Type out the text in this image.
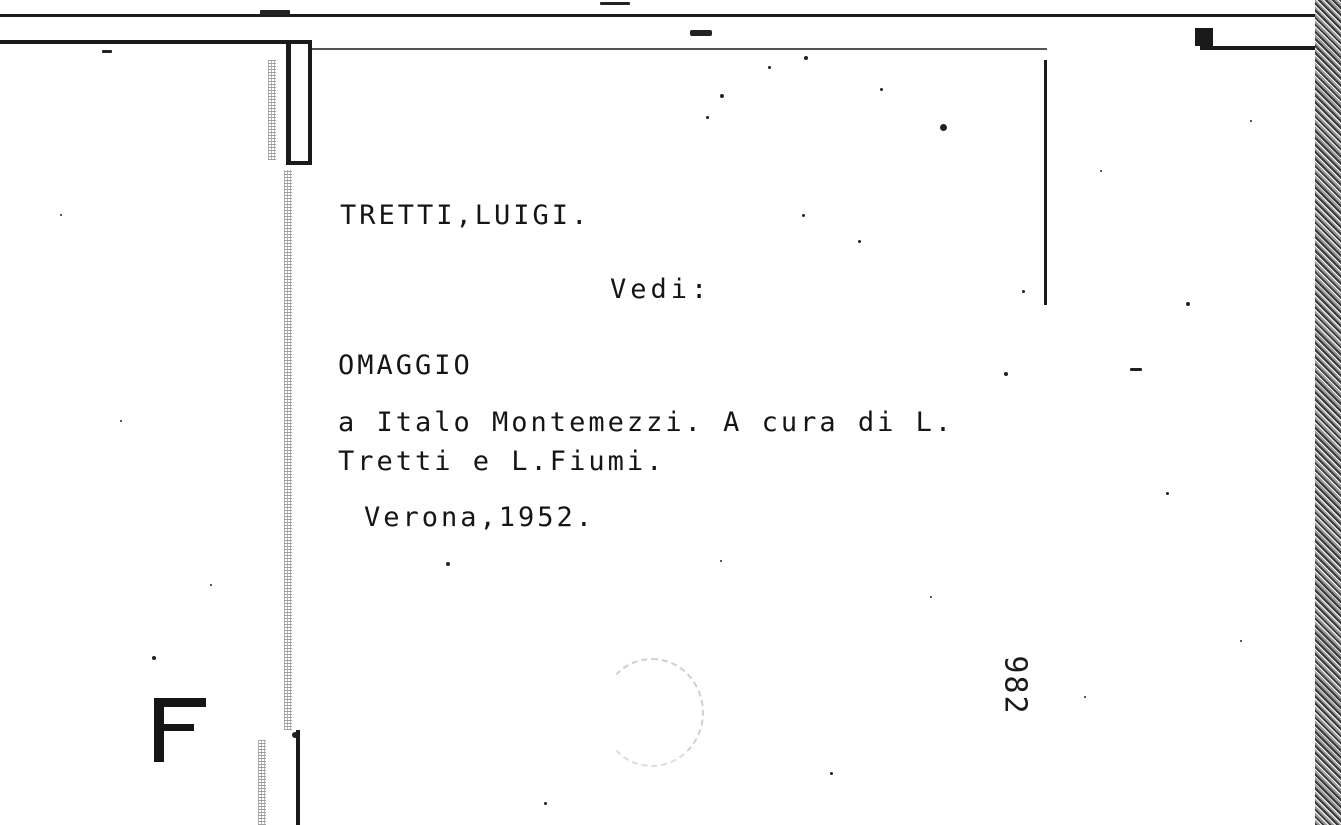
TRETTI,LUIGI.
Vedi:
OMAGGIO
a Italo Montemezzi. A cura di L.
Tretti e L.Fiumi.
Verona,1952.
982
